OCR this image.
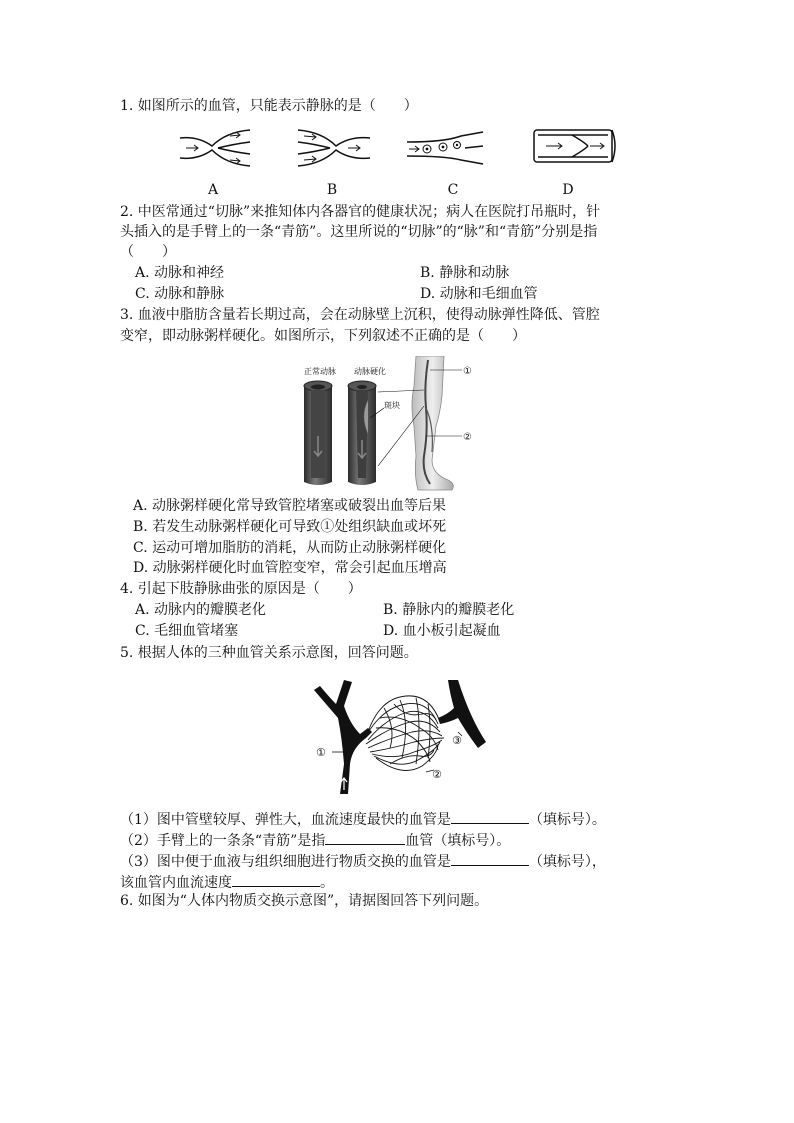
1. 如图所示的血管，只能表示静脉的是（　　）
A	B	C	D
2. 中医常通过“切脉”来推知体内各器官的健康状况；病人在医院打吊瓶时，针
头插入的是手臂上的一条“青筋”。这里所说的“切脉”的“脉”和“青筋”分别是指
（　　）
A. 动脉和神经	B. 静脉和动脉
C. 动脉和静脉	D. 动脉和毛细血管
3. 血液中脂肪含量若长期过高，会在动脉壁上沉积，使得动脉弹性降低、管腔
变窄，即动脉粥样硬化。如图所示，下列叙述不正确的是（　　）
正常动脉 动脉硬化
斑块
①
②
A. 动脉粥样硬化常导致管腔堵塞或破裂出血等后果
B. 若发生动脉粥样硬化可导致①处组织缺血或坏死
C. 运动可增加脂肪的消耗，从而防止动脉粥样硬化
D. 动脉粥样硬化时血管腔变窄，常会引起血压增高
4. 引起下肢静脉曲张的原因是（　　）
A. 动脉内的瓣膜老化	B. 静脉内的瓣膜老化
C. 毛细血管堵塞	D. 血小板引起凝血
5. 根据人体的三种血管关系示意图，回答问题。
①
②
③
（1）图中管壁较厚、弹性大，血流速度最快的血管是	（填标号）。
（2）手臂上的一条条“青筋”是指	血管（填标号）。
（3）图中便于血液与组织细胞进行物质交换的血管是	（填标号），
该血管内血流速度	。
6. 如图为“人体内物质交换示意图”，请据图回答下列问题。
